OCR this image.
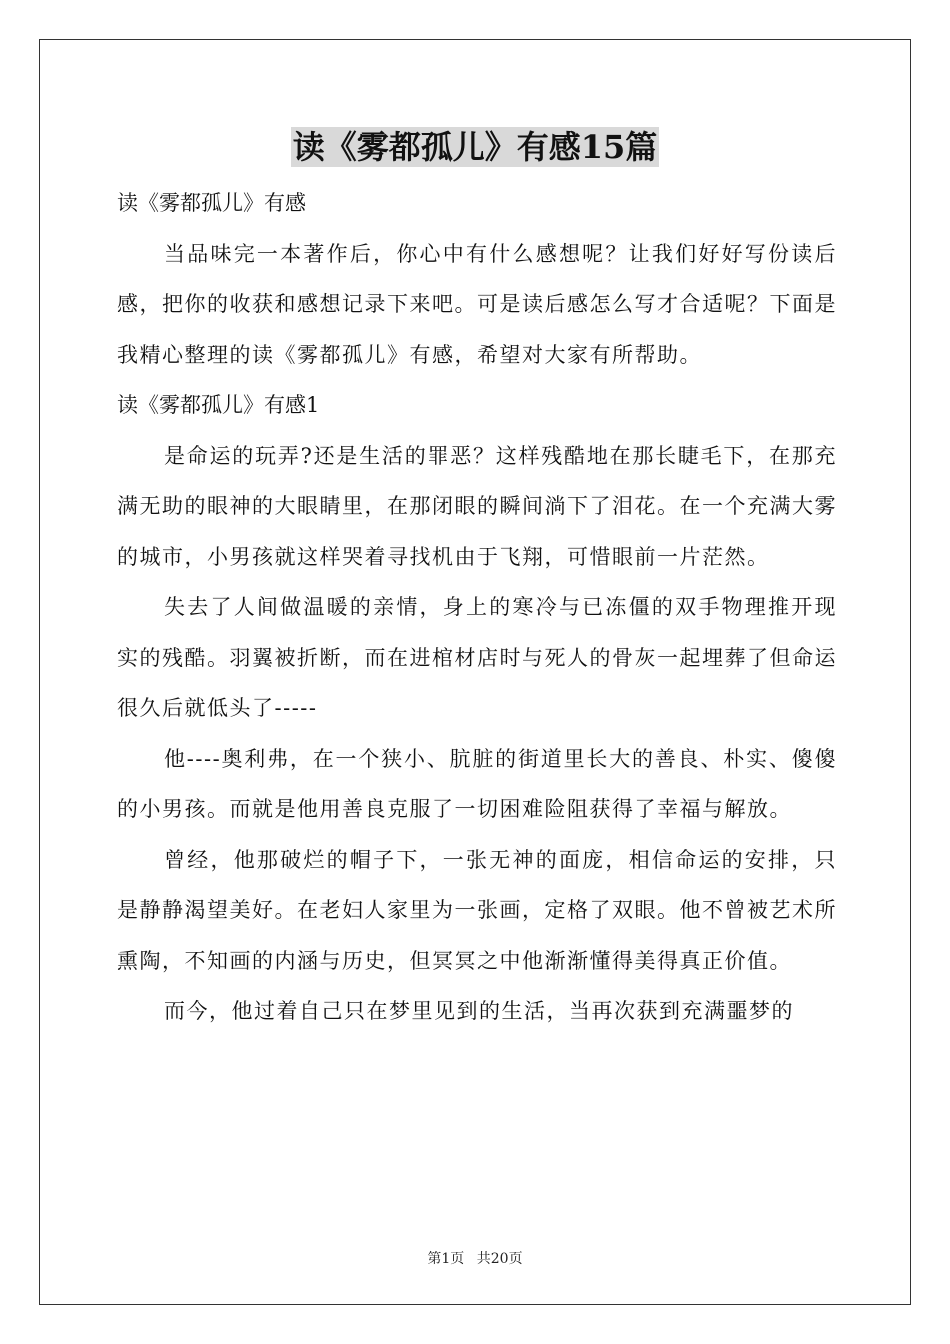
读《雾都孤儿》有感15篇

读《雾都孤儿》有感

当品味完一本著作后，你心中有什么感想呢？让我们好好写份读后感，把你的收获和感想记录下来吧。可是读后感怎么写才合适呢？下面是我精心整理的读《雾都孤儿》有感，希望对大家有所帮助。

读《雾都孤儿》有感1

是命运的玩弄?还是生活的罪恶？这样残酷地在那长睫毛下，在那充满无助的眼神的大眼睛里，在那闭眼的瞬间淌下了泪花。在一个充满大雾的城市，小男孩就这样哭着寻找机由于飞翔，可惜眼前一片茫然。

失去了人间做温暖的亲情，身上的寒冷与已冻僵的双手物理推开现实的残酷。羽翼被折断，而在进棺材店时与死人的骨灰一起埋葬了但命运很久后就低头了-----

他----奥利弗，在一个狭小、肮脏的街道里长大的善良、朴实、傻傻的小男孩。而就是他用善良克服了一切困难险阻获得了幸福与解放。

曾经，他那破烂的帽子下，一张无神的面庞，相信命运的安排，只是静静渴望美好。在老妇人家里为一张画，定格了双眼。他不曾被艺术所熏陶，不知画的内涵与历史，但冥冥之中他渐渐懂得美得真正价值。

而今，他过着自己只在梦里见到的生活，当再次获到充满噩梦的

第1页 共20页
